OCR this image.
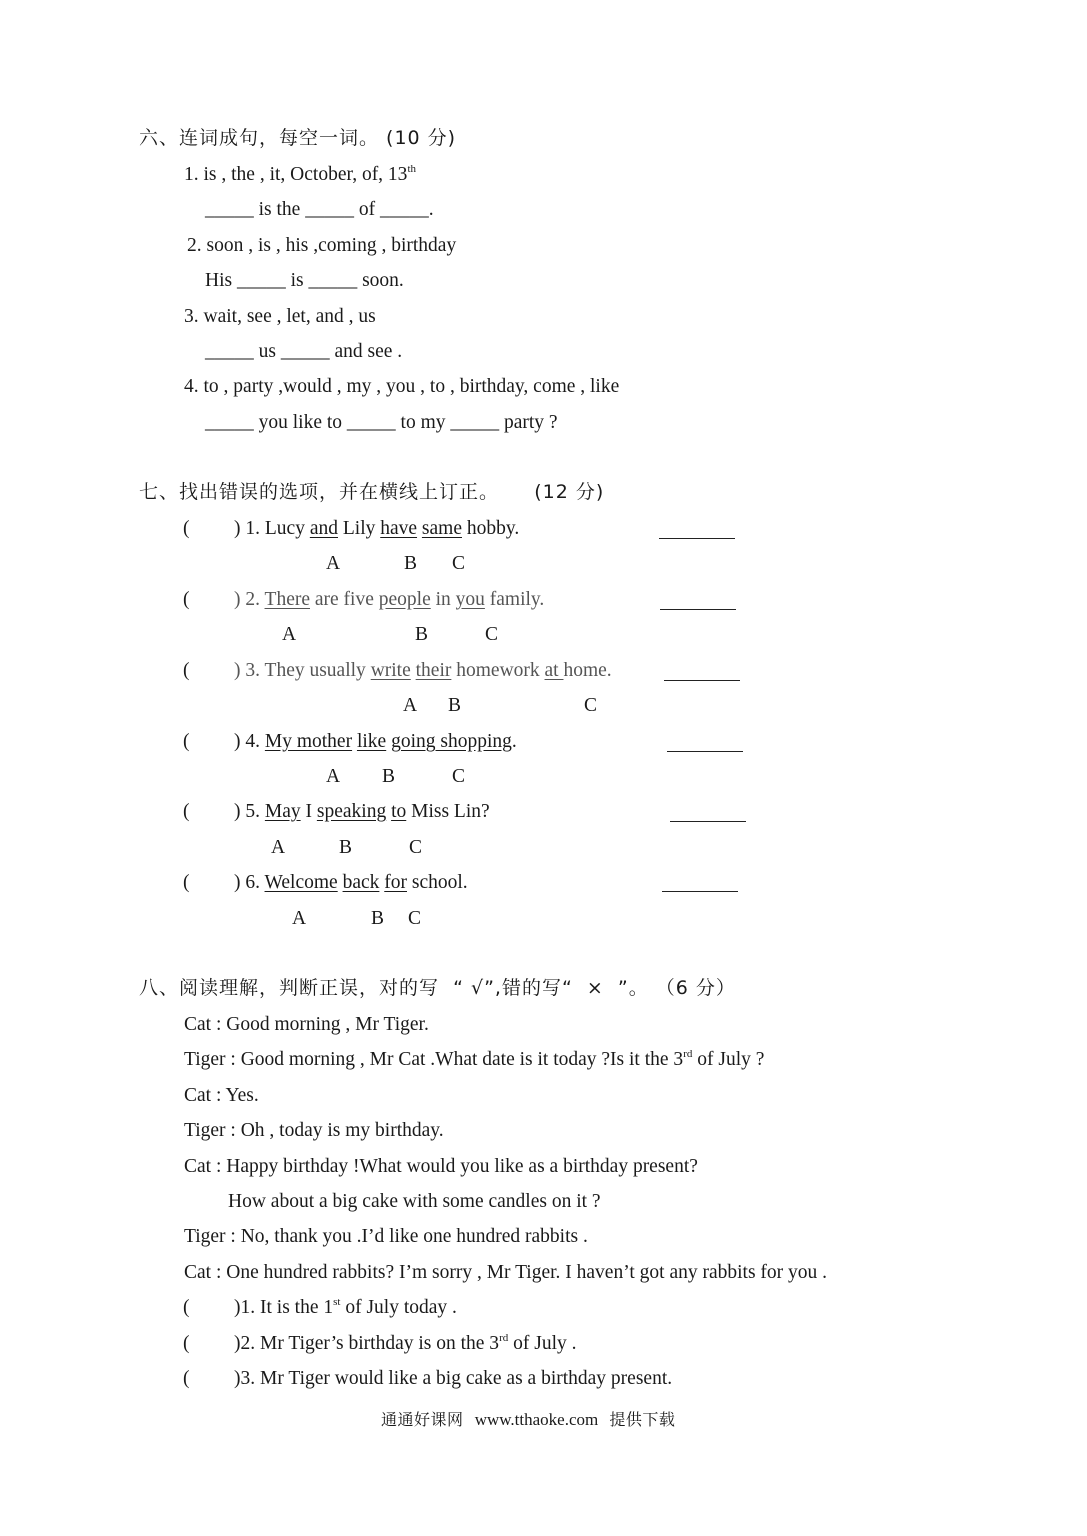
六、连词成句，每空一词。 (10 分)
1. is , the , it, October, of, 13th
_____ is the _____ of _____.
2. soon , is , his ,coming , birthday
His _____ is _____ soon.
3. wait, see , let, and , us
_____ us _____ and see .
4. to , party ,would , my , you , to , birthday, come , like
_____ you like to _____ to my _____ party ?
七、找出错误的选项，并在横线上订正。     (12 分)
( ) 1. Lucy and Lily have same hobby.
A	B C
( ) 2. There are five people in you family.
A	B	C
( ) 3. They usually write their homework at home.
A B	C
( ) 4. My mother like going shopping.
A B	C
( ) 5. May I speaking to Miss Lin?
A	B	C
( ) 6. Welcome back for school.
A	B C
八、阅读理解，判断正误，对的写  “ √”,错的写“  ×  ”。 （6 分）
Cat : Good morning , Mr Tiger.
Tiger : Good morning , Mr Cat .What date is it today ?Is it the 3rd of July ?
Cat : Yes.
Tiger : Oh , today is my birthday.
Cat : Happy birthday !What would you like as a birthday present?
How about a big cake with some candles on it ?
Tiger : No, thank you .I’d like one hundred rabbits .
Cat : One hundred rabbits? I’m sorry , Mr Tiger. I haven’t got any rabbits for you .
( )1. It is the 1st of July today .
( )2. Mr Tiger’s birthday is on the 3rd of July .
( )3. Mr Tiger would like a big cake as a birthday present.
通通好课网 www.tthaoke.com 提供下载
